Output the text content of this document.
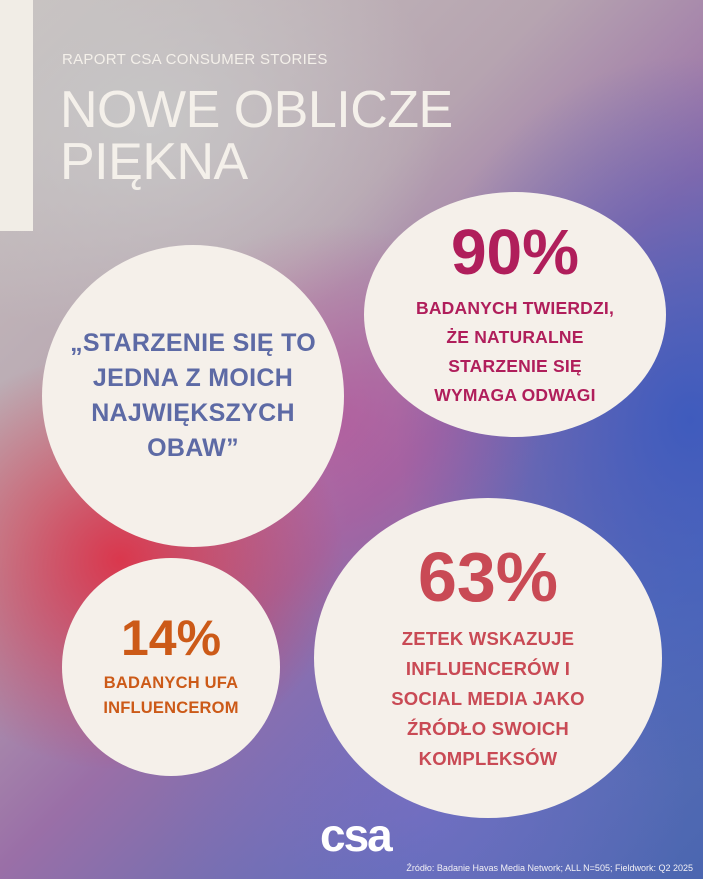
RAPORT CSA CONSUMER STORIES
NOWE OBLICZE
PIĘKNA
„STARZENIE SIĘ TO
JEDNA Z MOICH
NAJWIĘKSZYCH
OBAW”
90%
BADANYCH TWIERDZI,
ŻE NATURALNE
STARZENIE SIĘ
WYMAGA ODWAGI
14%
BADANYCH UFA
INFLUENCEROM
63%
ZETEK WSKAZUJE
INFLUENCERÓW I
SOCIAL MEDIA JAKO
ŹRÓDŁO SWOICH
KOMPLEKSÓW
csa
Źródło: Badanie Havas Media Network; ALL N=505; Fieldwork: Q2 2025
